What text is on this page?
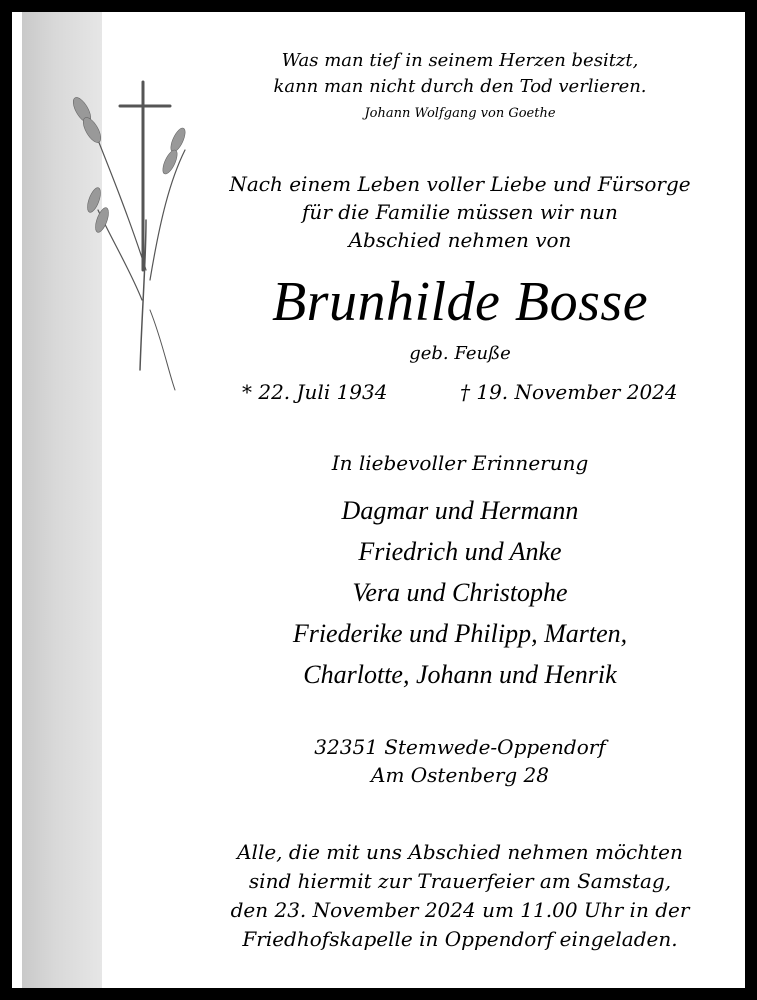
Was man tief in seinem Herzen besitzt,
kann man nicht durch den Tod verlieren.
Johann Wolfgang von Goethe
Nach einem Leben voller Liebe und Fürsorge
für die Familie müssen wir nun
Abschied nehmen von
Brunhilde Bosse
geb. Feuße
* 22. Juli 1934	† 19. November 2024
In liebevoller Erinnerung
Dagmar und Hermann
Friedrich und Anke
Vera und Christophe
Friederike und Philipp, Marten,
Charlotte, Johann und Henrik
32351 Stemwede-Oppendorf
Am Ostenberg 28
Alle, die mit uns Abschied nehmen möchten
sind hiermit zur Trauerfeier am Samstag,
den 23. November 2024 um 11.00 Uhr in der
Friedhofskapelle in Oppendorf eingeladen.
